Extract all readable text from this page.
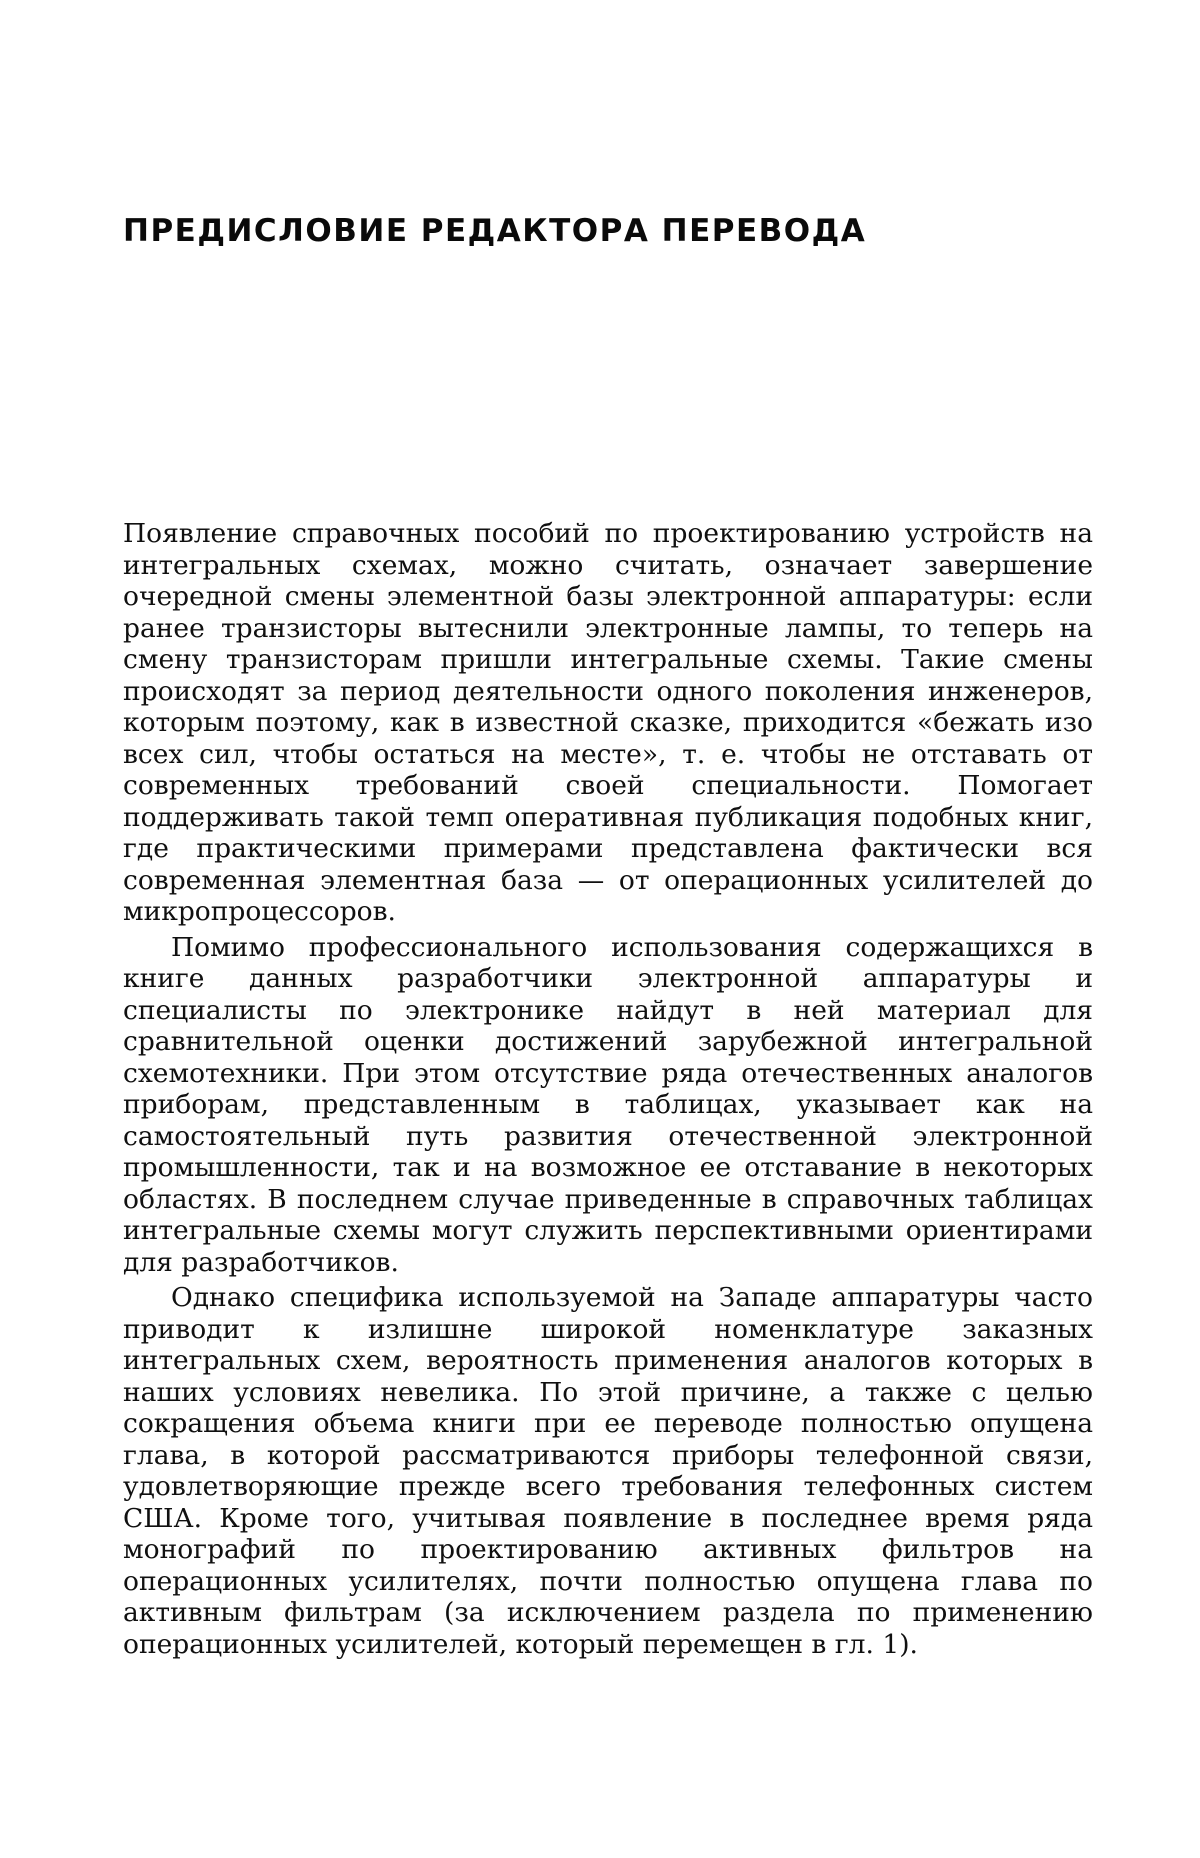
ПРЕДИСЛОВИЕ РЕДАКТОРА ПЕРЕВОДА

Появление справочных пособий по проектированию устройств на интегральных схемах, можно считать, означает завершение очередной смены элементной базы электронной аппаратуры: если ранее транзисторы вытеснили электронные лампы, то теперь на смену транзисторам пришли интегральные схемы. Такие смены происходят за период деятельности одного поколения инженеров, которым поэтому, как в известной сказке, приходится «бежать изо всех сил, чтобы остаться на месте», т. е. чтобы не отставать от современных требований своей специальности. Помогает поддерживать такой темп оперативная публикация подобных книг, где практическими примерами представлена фактически вся современная элементная база — от операционных усилителей до микропроцессоров.

Помимо профессионального использования содержащихся в книге данных разработчики электронной аппаратуры и специалисты по электронике найдут в ней материал для сравнительной оценки достижений зарубежной интегральной схемотехники. При этом отсутствие ряда отечественных аналогов приборам, представленным в таблицах, указывает как на самостоятельный путь развития отечественной электронной промышленности, так и на возможное ее отставание в некоторых областях. В последнем случае приведенные в справочных таблицах интегральные схемы могут служить перспективными ориентирами для разработчиков.

Однако специфика используемой на Западе аппаратуры часто приводит к излишне широкой номенклатуре заказных интегральных схем, вероятность применения аналогов которых в наших условиях невелика. По этой причине, а также с целью сокращения объема книги при ее переводе полностью опущена глава, в которой рассматриваются приборы телефонной связи, удовлетворяющие прежде всего требования телефонных систем США. Кроме того, учитывая появление в последнее время ряда монографий по проектированию активных фильтров на операционных усилителях, почти полностью опущена глава по активным фильтрам (за исключением раздела по применению операционных усилителей, который перемещен в гл. 1).
